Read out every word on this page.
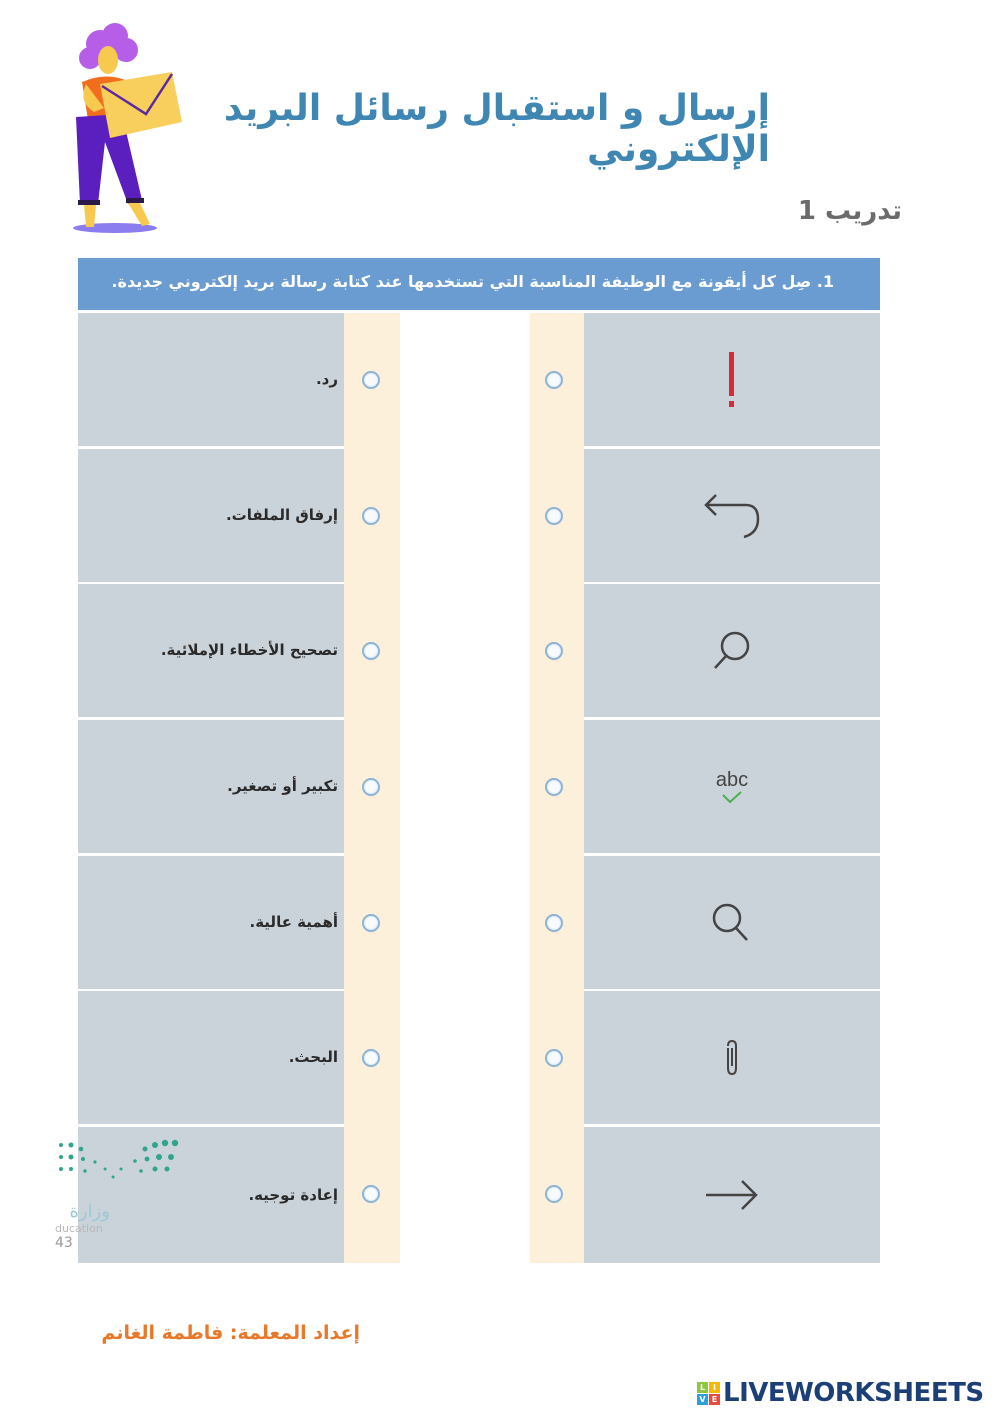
إرسال و استقبال رسائل البريد الإلكتروني
تدريب 1
1. صِل كل أيقونة مع الوظيفة المناسبة التي تستخدمها عند كتابة رسالة بريد إلكتروني جديدة.
رد.
إرفاق الملفات.
تصحيح الأخطاء الإملائية.
تكبير أو تصغير.	abc
أهمية عالية.
البحث.
إعادة توجيه.
وزارة
ducation
43
إعداد المعلمة: فاطمة الغانم
L I
V E LIVEWORKSHEETS
